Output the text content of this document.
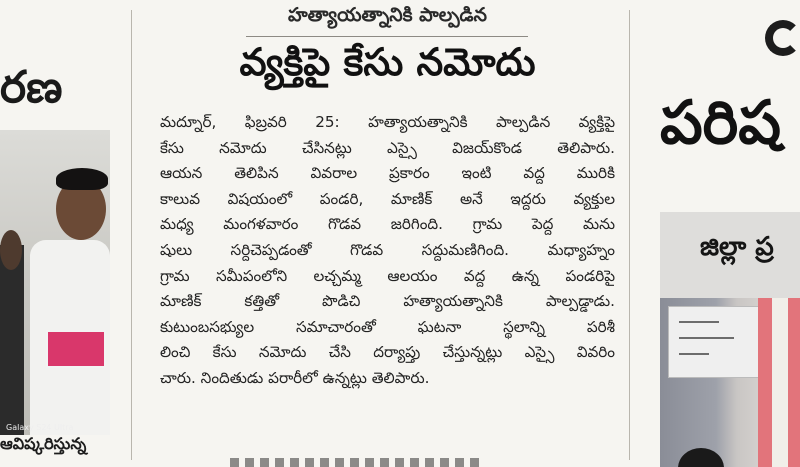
రణ
Galaxy S24 Ultra
ఆవిష్కరిస్తున్న
హత్యాయత్నానికి పాల్పడిన
వ్యక్తిపై కేసు నమోదు
మద్నూర్, ఫిబ్రవరి 25: హత్యాయత్నానికి పాల్పడిన వ్యక్తిపై
కేసు నమోదు చేసినట్లు ఎస్సై విజయ్‌కొండ తెలిపారు.
ఆయన తెలిపిన వివరాల ప్రకారం ఇంటి వద్ద మురికి
కాలువ విషయంలో పండరి, మాణిక్ అనే ఇద్దరు వ్యక్తుల
మధ్య మంగళవారం గొడవ జరిగింది. గ్రామ పెద్ద మను
షులు సర్దిచెప్పడంతో గొడవ సద్దుమణిగింది. మధ్యాహ్నం
గ్రామ సమీపంలోని లచ్చమ్మ ఆలయం వద్ద ఉన్న పండరిపై
మాణిక్ కత్తితో పొడిచి హత్యాయత్నానికి పాల్పడ్డాడు.
కుటుంబసభ్యుల సమాచారంతో ఘటనా స్థలాన్ని పరిశీ
లించి కేసు నమోదు చేసి దర్యాప్తు చేస్తున్నట్లు ఎస్సై వివరిం
చారు. నిందితుడు పరారీలో ఉన్నట్లు తెలిపారు.
పరిష
జిల్లా ప్ర
